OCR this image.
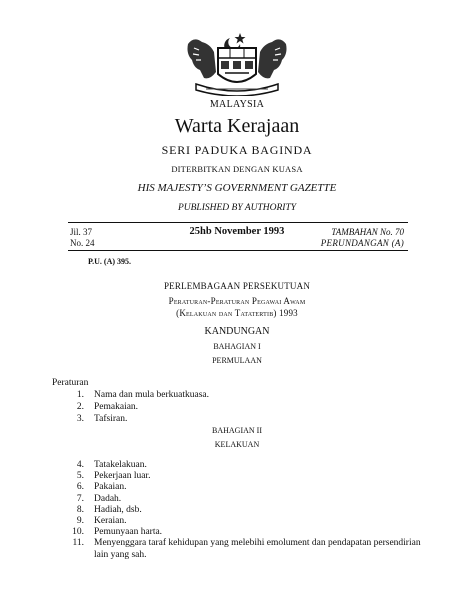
MALAYSIA
Warta Kerajaan
SERI PADUKA BAGINDA
DITERBITKAN DENGAN KUASA
HIS MAJESTY’S GOVERNMENT GAZETTE
PUBLISHED BY AUTHORITY
Jil. 37
No. 24
25hb November 1993	TAMBAHAN No. 70
PERUNDANGAN (A)
P.U. (A) 395.
PERLEMBAGAAN PERSEKUTUAN
Peraturan-Peraturan Pegawai Awam
(Kelakuan dan Tatatertib) 1993
KANDUNGAN
BAHAGIAN I
PERMULAAN
Peraturan
1. Nama dan mula berkuatkuasa.
2. Pemakaian.
3. Tafsiran.
BAHAGIAN II
KELAKUAN
4. Tatakelakuan.
5. Pekerjaan luar.
6. Pakaian.
7. Dadah.
8. Hadiah, dsb.
9. Keraian.
10. Pemunyaan harta.
11. Menyenggara taraf kehidupan yang melebihi emolument dan pendapatan persendirian
lain yang sah.
